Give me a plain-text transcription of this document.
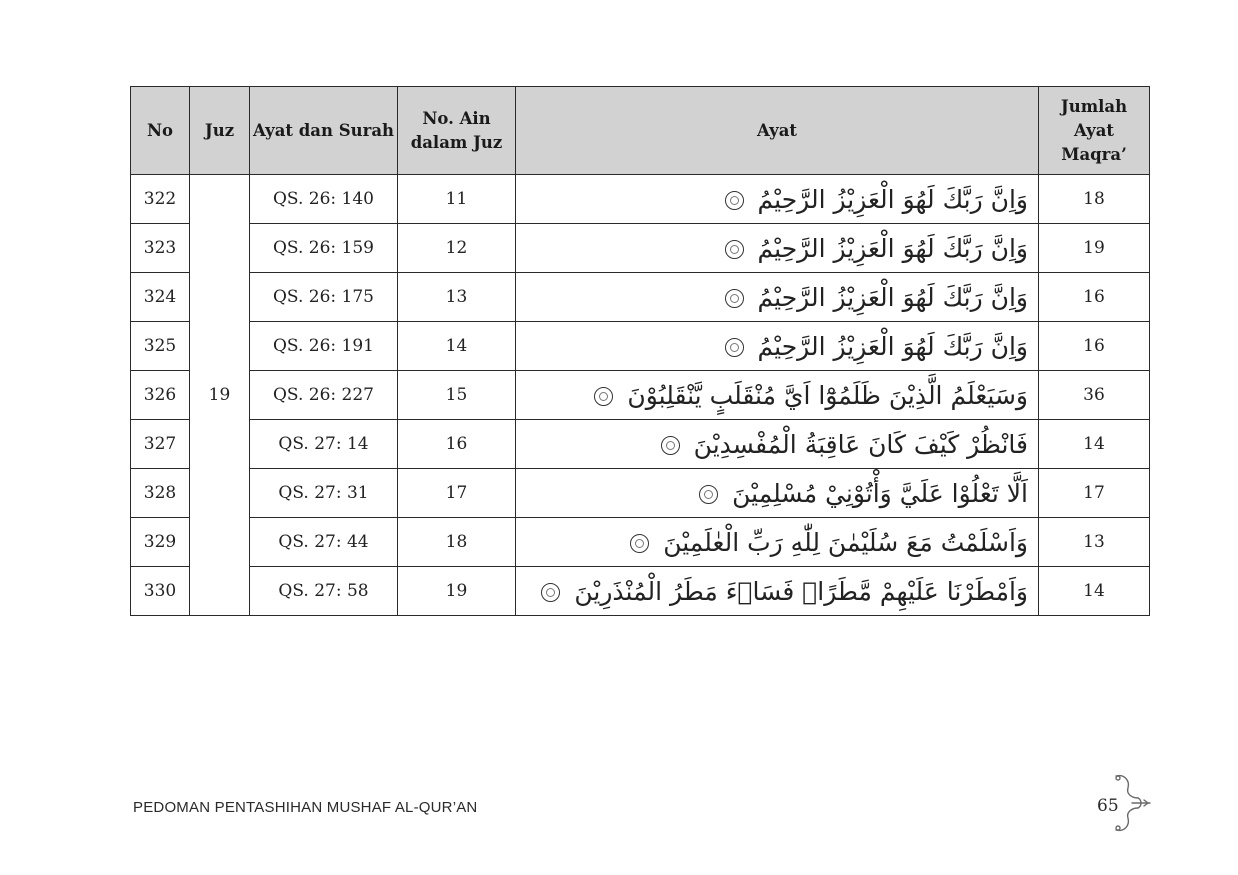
No	Juz	Ayat dan Surah	No. Ain dalam Juz	Ayat	Jumlah Ayat Maqra’
322	19	QS. 26: 140	11	وَاِنَّ رَبَّكَ لَهُوَ الْعَزِيْزُ الرَّحِيْمُ	18
323		QS. 26: 159	12	وَاِنَّ رَبَّكَ لَهُوَ الْعَزِيْزُ الرَّحِيْمُ	19
324		QS. 26: 175	13	وَاِنَّ رَبَّكَ لَهُوَ الْعَزِيْزُ الرَّحِيْمُ	16
325		QS. 26: 191	14	وَاِنَّ رَبَّكَ لَهُوَ الْعَزِيْزُ الرَّحِيْمُ	16
326		QS. 26: 227	15	وَسَيَعْلَمُ الَّذِيْنَ ظَلَمُوْٓا اَيَّ مُنْقَلَبٍ يَّنْقَلِبُوْنَ	36
327		QS. 27: 14	16	فَانْظُرْ كَيْفَ كَانَ عَاقِبَةُ الْمُفْسِدِيْنَ	14
328		QS. 27: 31	17	اَلَّا تَعْلُوْا عَلَيَّ وَأْتُوْنِيْ مُسْلِمِيْنَ	17
329		QS. 27: 44	18	وَاَسْلَمْتُ مَعَ سُلَيْمٰنَ لِلّٰهِ رَبِّ الْعٰلَمِيْنَ	13
330		QS. 27: 58	19	وَاَمْطَرْنَا عَلَيْهِمْ مَّطَرًاۚ فَسَاۤءَ مَطَرُ الْمُنْذَرِيْنَ	14
PEDOMAN PENTASHIHAN MUSHAF AL-QUR’AN	65
